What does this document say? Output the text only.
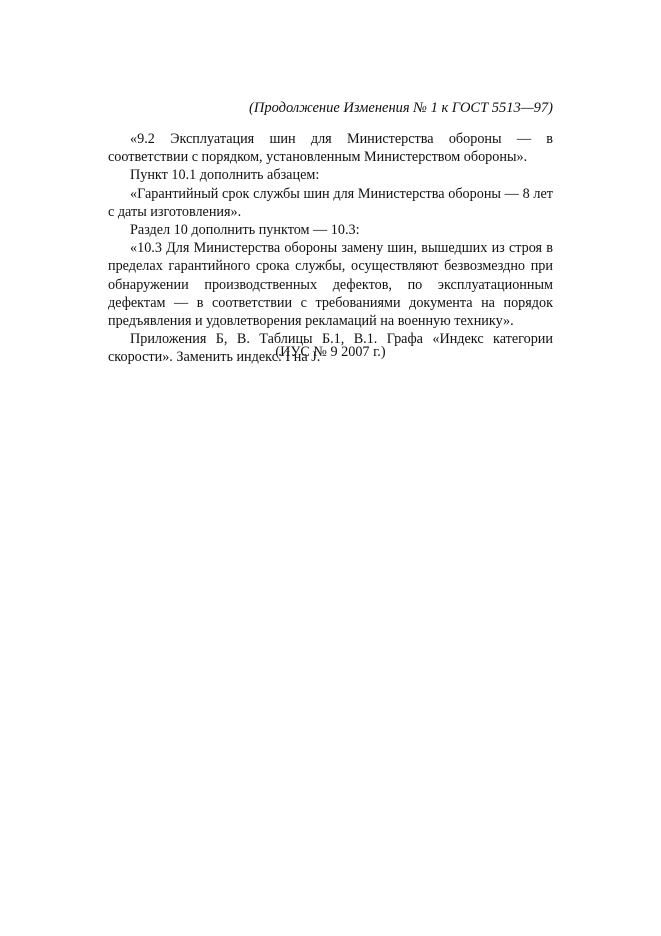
(Продолжение Изменения № 1 к ГОСТ 5513—97)

«9.2 Эксплуатация шин для Министерства обороны — в соответствии с порядком, установленным Министерством обороны».

Пункт 10.1 дополнить абзацем:

«Гарантийный срок службы шин для Министерства обороны — 8 лет с даты изготовления».

Раздел 10 дополнить пунктом — 10.3:

«10.3 Для Министерства обороны замену шин, вышедших из строя в пределах гарантийного срока службы, осуществляют безвозмездно при обнаружении производственных дефектов, по эксплуатационным дефектам — в соответствии с требованиями документа на порядок предъявления и удовлетворения рекламаций на военную технику».

Приложения Б, В. Таблицы Б.1, В.1. Графа «Индекс категории скорости». Заменить индекс: I на J.

(ИУС № 9 2007 г.)
